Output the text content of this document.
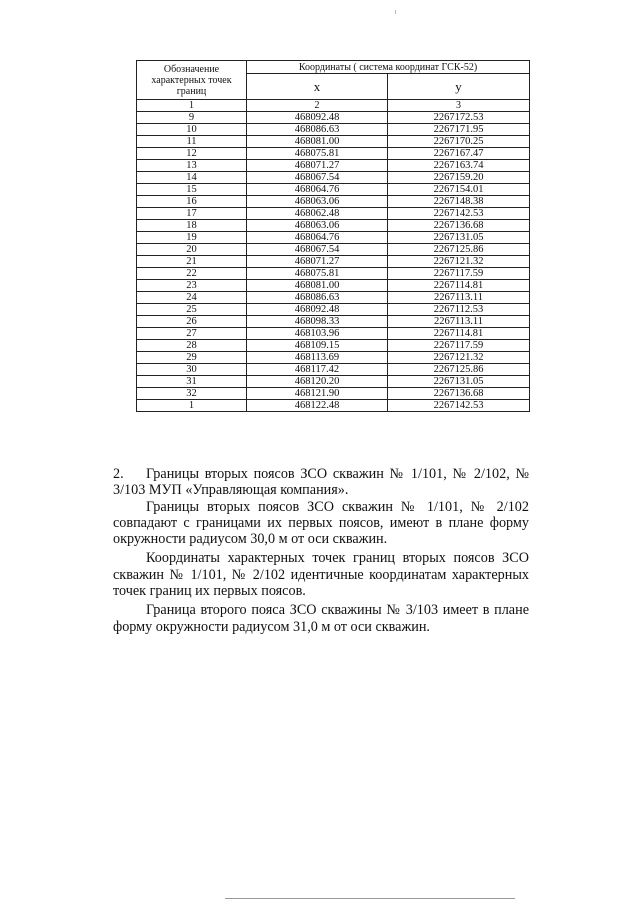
Обозначение характерных точек границ	Координаты ( система координат ГСК-52)	
	х	у
1	2	3
9	468092.48	2267172.53
10	468086.63	2267171.95
11	468081.00	2267170.25
12	468075.81	2267167.47
13	468071.27	2267163.74
14	468067.54	2267159.20
15	468064.76	2267154.01
16	468063.06	2267148.38
17	468062.48	2267142.53
18	468063.06	2267136.68
19	468064.76	2267131.05
20	468067.54	2267125.86
21	468071.27	2267121.32
22	468075.81	2267117.59
23	468081.00	2267114.81
24	468086.63	2267113.11
25	468092.48	2267112.53
26	468098.33	2267113.11
27	468103.96	2267114.81
28	468109.15	2267117.59
29	468113.69	2267121.32
30	468117.42	2267125.86
31	468120.20	2267131.05
32	468121.90	2267136.68
1	468122.48	2267142.53

2. Границы вторых поясов ЗСО скважин № 1/101, № 2/102, № 3/103 МУП «Управляющая компания».

Границы вторых поясов ЗСО скважин № 1/101, № 2/102 совпадают с границами их первых поясов, имеют в плане форму окружности радиусом 30,0 м от оси скважин.

Координаты характерных точек границ вторых поясов ЗСО скважин № 1/101, № 2/102 идентичные координатам характерных точек границ их первых поясов.

Граница второго пояса ЗСО скважины № 3/103 имеет в плане форму окружности радиусом 31,0 м от оси скважин.
